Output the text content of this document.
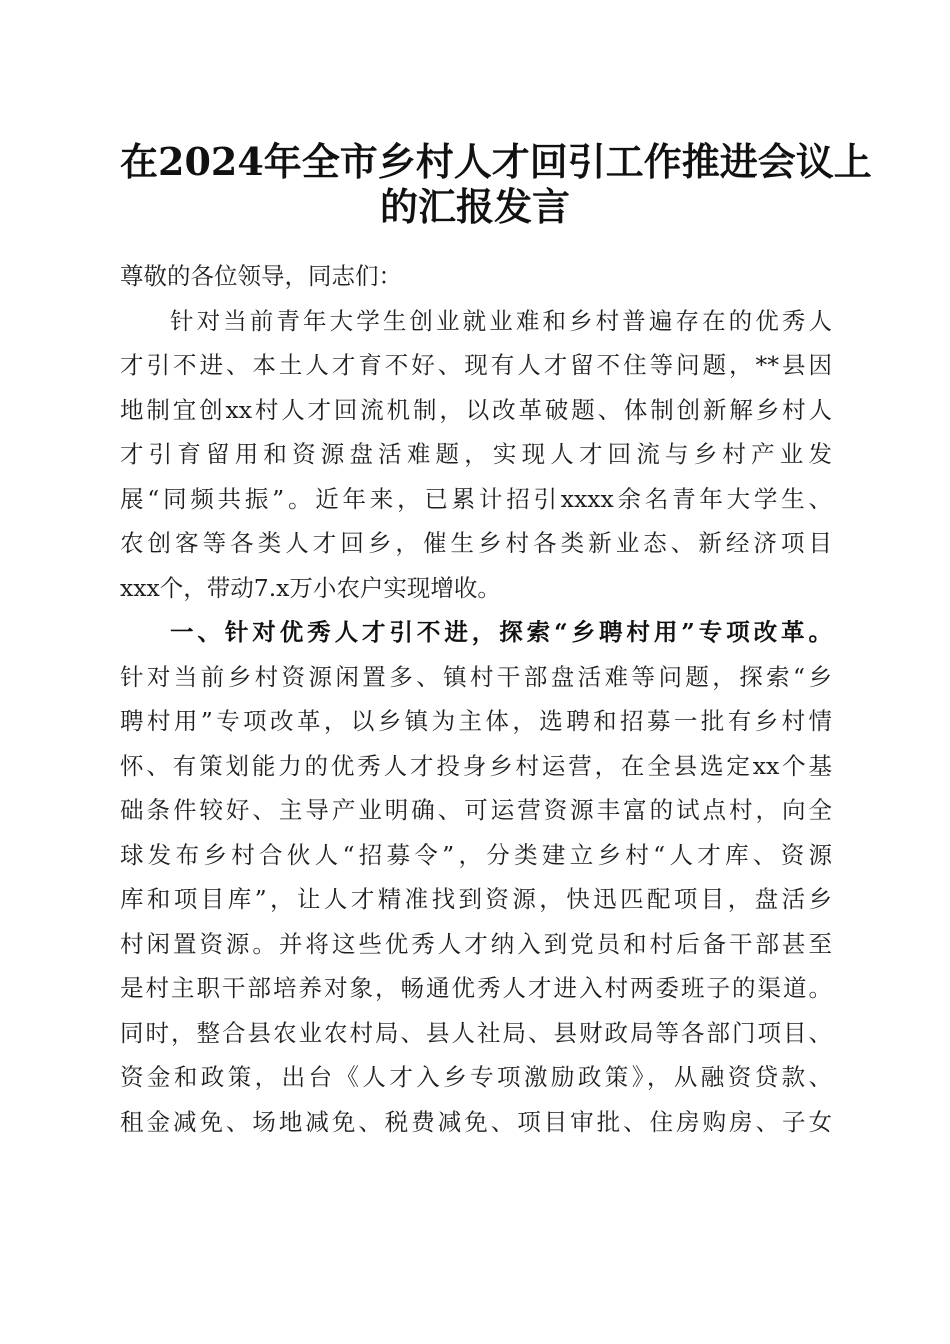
在2024年全市乡村人才回引工作推进会议上
的汇报发言
尊敬的各位领导，同志们：
针对当前青年大学生创业就业难和乡村普遍存在的优秀人
才引不进、本土人才育不好、现有人才留不住等问题，**县因
地制宜创xx村人才回流机制，以改革破题、体制创新解乡村人
才引育留用和资源盘活难题，实现人才回流与乡村产业发
展“同频共振”。近年来，已累计招引xxxx余名青年大学生、
农创客等各类人才回乡，催生乡村各类新业态、新经济项目
xxx个，带动7.x万小农户实现增收。
一、针对优秀人才引不进，探索“乡聘村用”专项改革。
针对当前乡村资源闲置多、镇村干部盘活难等问题，探索“乡
聘村用”专项改革，以乡镇为主体，选聘和招募一批有乡村情
怀、有策划能力的优秀人才投身乡村运营，在全县选定xx个基
础条件较好、主导产业明确、可运营资源丰富的试点村，向全
球发布乡村合伙人“招募令”，分类建立乡村“人才库、资源
库和项目库”，让人才精准找到资源，快迅匹配项目，盘活乡
村闲置资源。并将这些优秀人才纳入到党员和村后备干部甚至
是村主职干部培养对象，畅通优秀人才进入村两委班子的渠道。
同时，整合县农业农村局、县人社局、县财政局等各部门项目、
资金和政策，出台《人才入乡专项激励政策》，从融资贷款、
租金减免、场地减免、税费减免、项目审批、住房购房、子女
